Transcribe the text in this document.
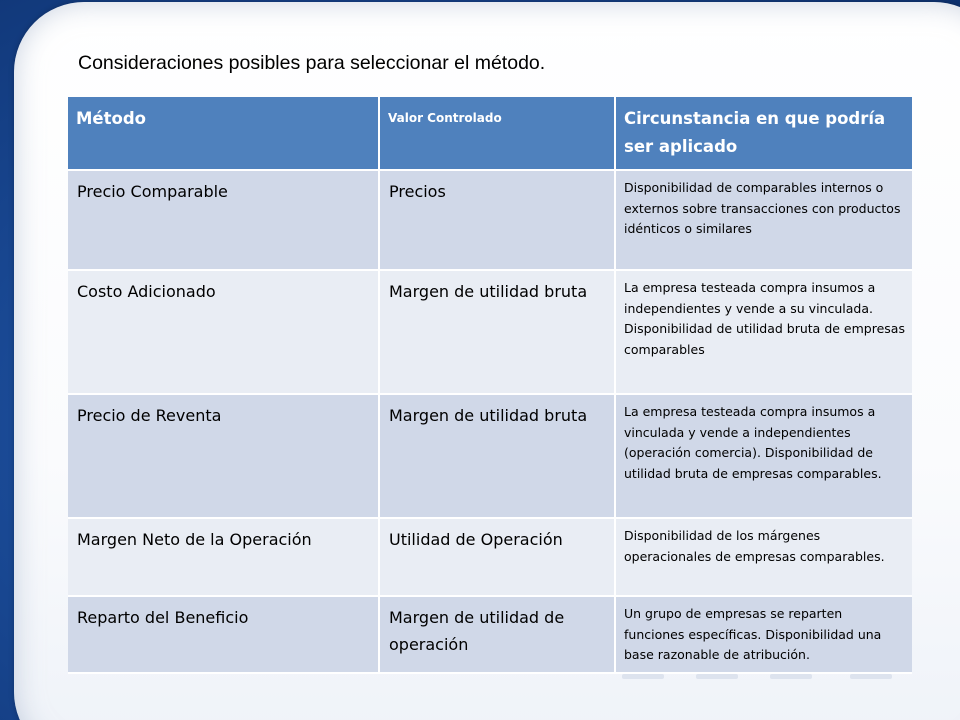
Consideraciones posibles para seleccionar el método.
Método	Valor Controlado	Circunstancia en que podría ser aplicado
Precio Comparable	Precios	Disponibilidad de comparables internos o externos sobre transacciones con productos idénticos o similares
Costo Adicionado	Margen de utilidad bruta	La empresa testeada compra insumos a independientes y vende a su vinculada. Disponibilidad de utilidad bruta de empresas comparables
Precio de Reventa	Margen de utilidad bruta	La empresa testeada compra insumos a vinculada y vende a independientes (operación comercia). Disponibilidad de utilidad bruta de empresas comparables.
Margen Neto de la Operación	Utilidad de Operación	Disponibilidad de los márgenes operacionales de empresas comparables.
Reparto del Beneficio	Margen de utilidad de operación	Un grupo de empresas se reparten funciones específicas. Disponibilidad una base razonable de atribución.
